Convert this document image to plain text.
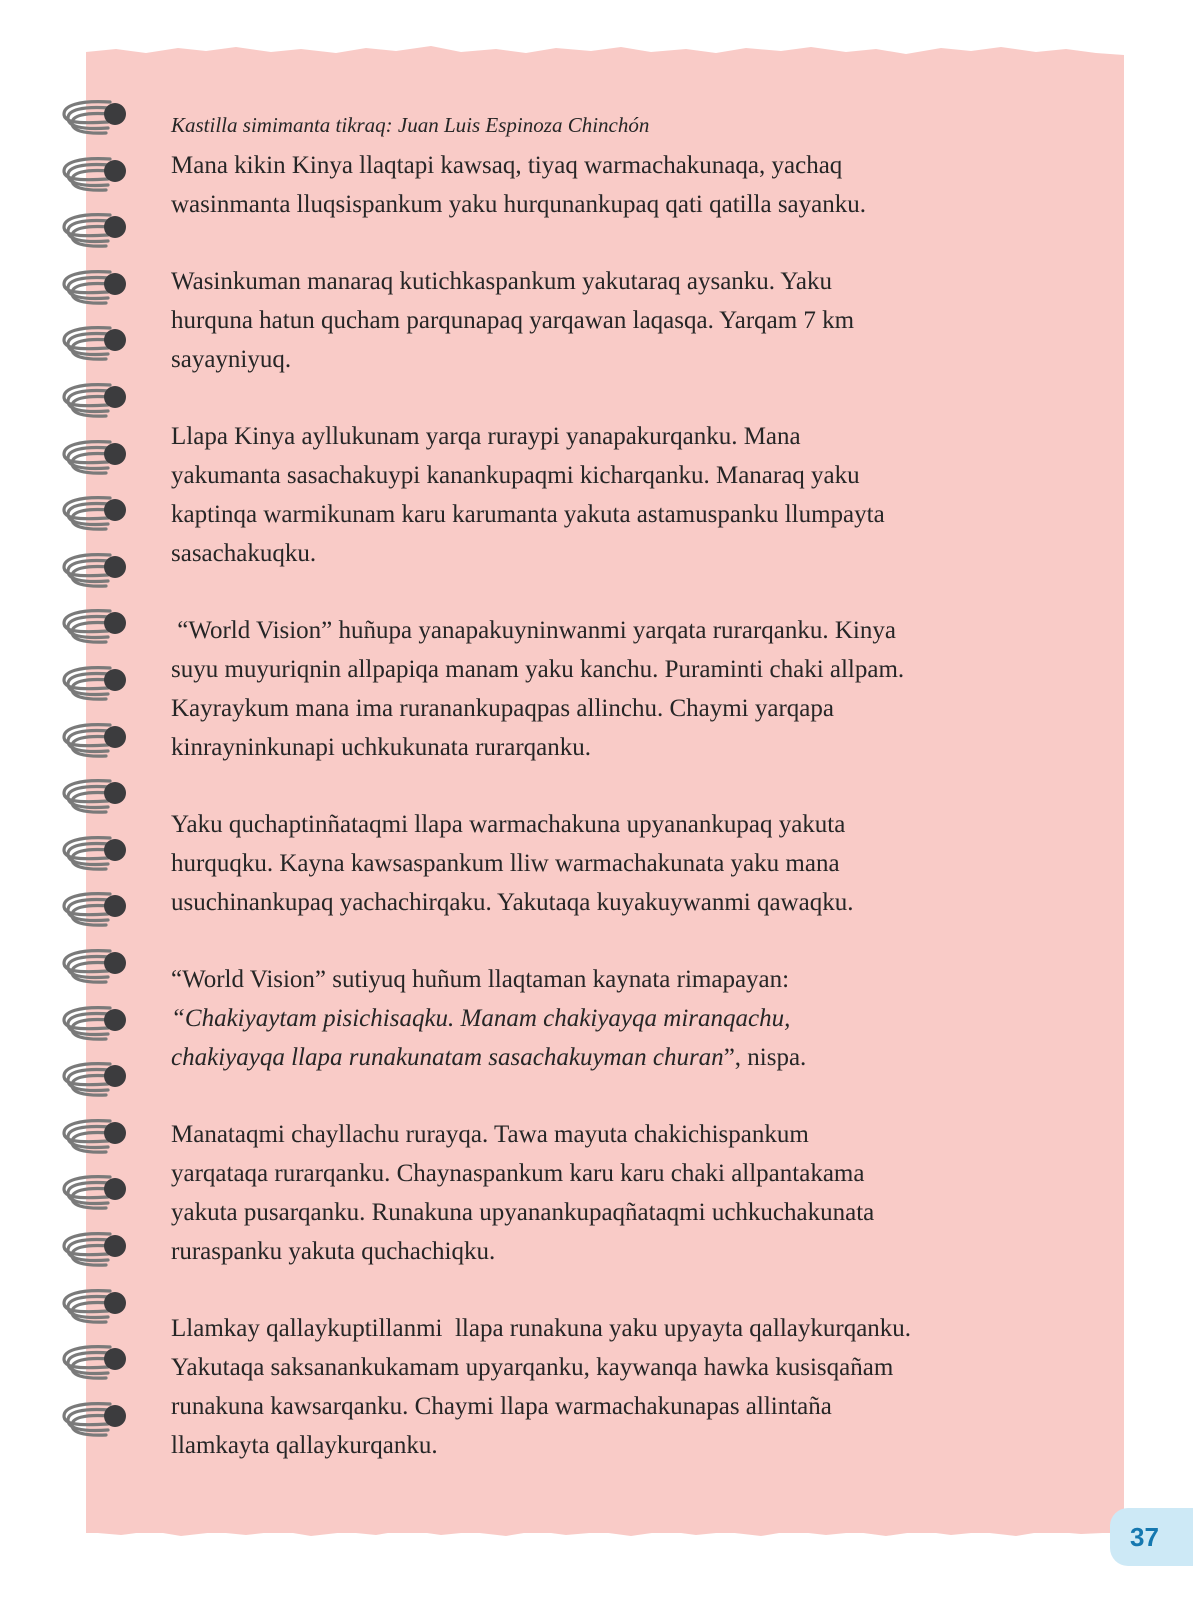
Kastilla simimanta tikraq: Juan Luis Espinoza Chinchón

Mana kikin Kinya llaqtapi kawsaq, tiyaq warmachakunaqa, yachaq
wasinmanta lluqsispankum yaku hurqunankupaq qati qatilla sayanku.

Wasinkuman manaraq kutichkaspankum yakutaraq aysanku. Yaku
hurquna hatun qucham parqunapaq yarqawan laqasqa. Yarqam 7 km
sayayniyuq.

Llapa Kinya ayllukunam yarqa ruraypi yanapakurqanku. Mana
yakumanta sasachakuypi kanankupaqmi kicharqanku. Manaraq yaku
kaptinqa warmikunam karu karumanta yakuta astamuspanku llumpayta
sasachakuqku.

“World Vision” huñupa yanapakuyninwanmi yarqata rurarqanku. Kinya
suyu muyuriqnin allpapiqa manam yaku kanchu. Puraminti chaki allpam.
Kayraykum mana ima ruranankupaqpas allinchu. Chaymi yarqapa
kinrayninkunapi uchkukunata rurarqanku.

Yaku quchaptinñataqmi llapa warmachakuna upyanankupaq yakuta
hurquqku. Kayna kawsaspankum lliw warmachakunata yaku mana
usuchinankupaq yachachirqaku. Yakutaqa kuyakuywanmi qawaqku.

“World Vision” sutiyuq huñum llaqtaman kaynata rimapayan:
“Chakiyaytam pisichisaqku. Manam chakiyayqa miranqachu,
chakiyayqa llapa runakunatam sasachakuyman churan”, nispa.

Manataqmi chayllachu rurayqa. Tawa mayuta chakichispankum
yarqataqa rurarqanku. Chaynaspankum karu karu chaki allpantakama
yakuta pusarqanku. Runakuna upyanankupaqñataqmi uchkuchakunata
ruraspanku yakuta quchachiqku.

Llamkay qallaykuptillanmi  llapa runakuna yaku upyayta qallaykurqanku.
Yakutaqa saksanankukamam upyarqanku, kaywanqa hawka kusisqañam
runakuna kawsarqanku. Chaymi llapa warmachakunapas allintaña
llamkayta qallaykurqanku.

37
